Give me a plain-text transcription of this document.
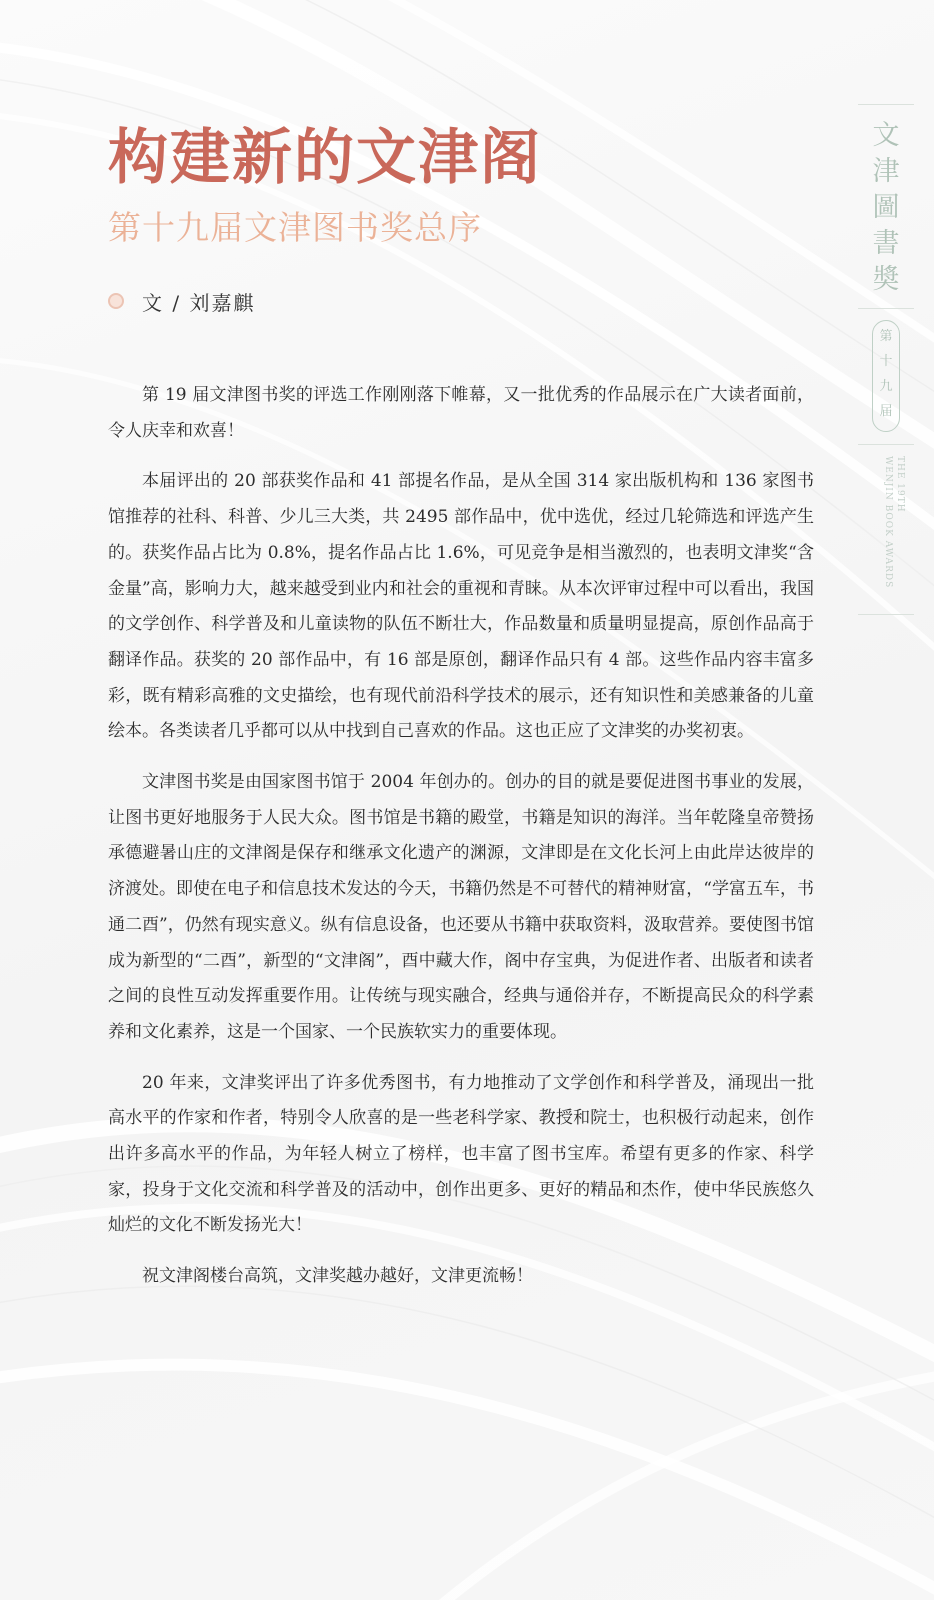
构建新的文津阁
第十九届文津图书奖总序
文 / 刘嘉麒

第 19 届文津图书奖的评选工作刚刚落下帷幕，又一批优秀的作品展示在广大读者面前，令人庆幸和欢喜！

本届评出的 20 部获奖作品和 41 部提名作品，是从全国 314 家出版机构和 136 家图书馆推荐的社科、科普、少儿三大类，共 2495 部作品中，优中选优，经过几轮筛选和评选产生的。获奖作品占比为 0.8%，提名作品占比 1.6%，可见竞争是相当激烈的，也表明文津奖“含金量”高，影响力大，越来越受到业内和社会的重视和青睐。从本次评审过程中可以看出，我国的文学创作、科学普及和儿童读物的队伍不断壮大，作品数量和质量明显提高，原创作品高于翻译作品。获奖的 20 部作品中，有 16 部是原创，翻译作品只有 4 部。这些作品内容丰富多彩，既有精彩高雅的文史描绘，也有现代前沿科学技术的展示，还有知识性和美感兼备的儿童绘本。各类读者几乎都可以从中找到自己喜欢的作品。这也正应了文津奖的办奖初衷。

文津图书奖是由国家图书馆于 2004 年创办的。创办的目的就是要促进图书事业的发展，让图书更好地服务于人民大众。图书馆是书籍的殿堂，书籍是知识的海洋。当年乾隆皇帝赞扬承德避暑山庄的文津阁是保存和继承文化遗产的渊源，文津即是在文化长河上由此岸达彼岸的济渡处。即使在电子和信息技术发达的今天，书籍仍然是不可替代的精神财富，“学富五车，书通二酉”，仍然有现实意义。纵有信息设备，也还要从书籍中获取资料，汲取营养。要使图书馆成为新型的“二酉”，新型的“文津阁”，酉中藏大作，阁中存宝典，为促进作者、出版者和读者之间的良性互动发挥重要作用。让传统与现实融合，经典与通俗并存，不断提高民众的科学素养和文化素养，这是一个国家、一个民族软实力的重要体现。

20 年来，文津奖评出了许多优秀图书，有力地推动了文学创作和科学普及，涌现出一批高水平的作家和作者，特别令人欣喜的是一些老科学家、教授和院士，也积极行动起来，创作出许多高水平的作品，为年轻人树立了榜样，也丰富了图书宝库。希望有更多的作家、科学家，投身于文化交流和科学普及的活动中，创作出更多、更好的精品和杰作，使中华民族悠久灿烂的文化不断发扬光大！

祝文津阁楼台高筑，文津奖越办越好，文津更流畅！

文
津
圖
書
奬
第
十
九
届
THE 19TH
WENJIN BOOK AWARDS
